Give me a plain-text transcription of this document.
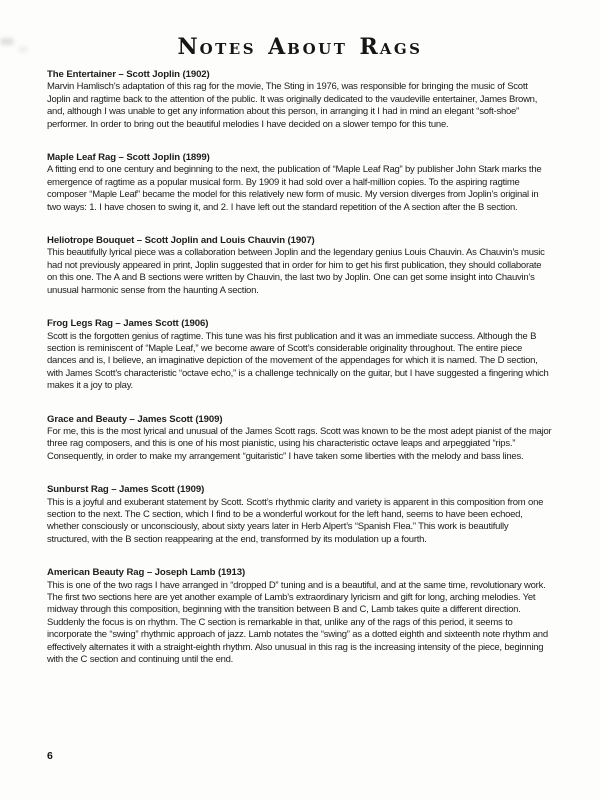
NOTES ABOUT RAGS
The Entertainer – Scott Joplin (1902)
Marvin Hamlisch’s adaptation of this rag for the movie, The Sting in 1976, was responsible for bringing the music of Scott Joplin and ragtime back to the attention of the public. It was originally dedicated to the vaudeville entertainer, James Brown, and, although I was unable to get any information about this person, in arranging it I had in mind an elegant “soft-shoe” performer. In order to bring out the beautiful melodies I have decided on a slower tempo for this tune.
Maple Leaf Rag – Scott Joplin (1899)
A fitting end to one century and beginning to the next, the publication of “Maple Leaf Rag” by publisher John Stark marks the emergence of ragtime as a popular musical form. By 1909 it had sold over a half-million copies. To the aspiring ragtime composer “Maple Leaf” became the model for this relatively new form of music. My version diverges from Joplin’s original in two ways: 1. I have chosen to swing it, and 2. I have left out the standard repetition of the A section after the B section.
Heliotrope Bouquet – Scott Joplin and Louis Chauvin (1907)
This beautifully lyrical piece was a collaboration between Joplin and the legendary genius Louis Chauvin. As Chauvin’s music had not previously appeared in print, Joplin suggested that in order for him to get his first publication, they should collaborate on this one. The A and B sections were written by Chauvin, the last two by Joplin. One can get some insight into Chauvin’s unusual harmonic sense from the haunting A section.
Frog Legs Rag – James Scott (1906)
Scott is the forgotten genius of ragtime. This tune was his first publication and it was an immediate success. Although the B section is reminiscent of “Maple Leaf,” we become aware of Scott’s considerable originality throughout. The entire piece dances and is, I believe, an imaginative depiction of the movement of the appendages for which it is named. The D section, with James Scott’s characteristic “octave echo,” is a challenge technically on the guitar, but I have suggested a fingering which makes it a joy to play.
Grace and Beauty – James Scott (1909)
For me, this is the most lyrical and unusual of the James Scott rags. Scott was known to be the most adept pianist of the major three rag composers, and this is one of his most pianistic, using his characteristic octave leaps and arpeggiated “rips.” Consequently, in order to make my arrangement “guitaristic” I have taken some liberties with the melody and bass lines.
Sunburst Rag – James Scott (1909)
This is a joyful and exuberant statement by Scott. Scott’s rhythmic clarity and variety is apparent in this composition from one section to the next. The C section, which I find to be a wonderful workout for the left hand, seems to have been echoed, whether consciously or unconsciously, about sixty years later in Herb Alpert’s “Spanish Flea.” This work is beautifully structured, with the B section reappearing at the end, transformed by its modulation up a fourth.
American Beauty Rag – Joseph Lamb (1913)
This is one of the two rags I have arranged in “dropped D” tuning and is a beautiful, and at the same time, revolutionary work. The first two sections here are yet another example of Lamb’s extraordinary lyricism and gift for long, arching melodies. Yet midway through this composition, beginning with the transition between B and C, Lamb takes quite a different direction. Suddenly the focus is on rhythm. The C section is remarkable in that, unlike any of the rags of this period, it seems to incorporate the “swing” rhythmic approach of jazz. Lamb notates the “swing” as a dotted eighth and sixteenth note rhythm and effectively alternates it with a straight-eighth rhythm. Also unusual in this rag is the increasing intensity of the piece, beginning with the C section and continuing until the end.
6
